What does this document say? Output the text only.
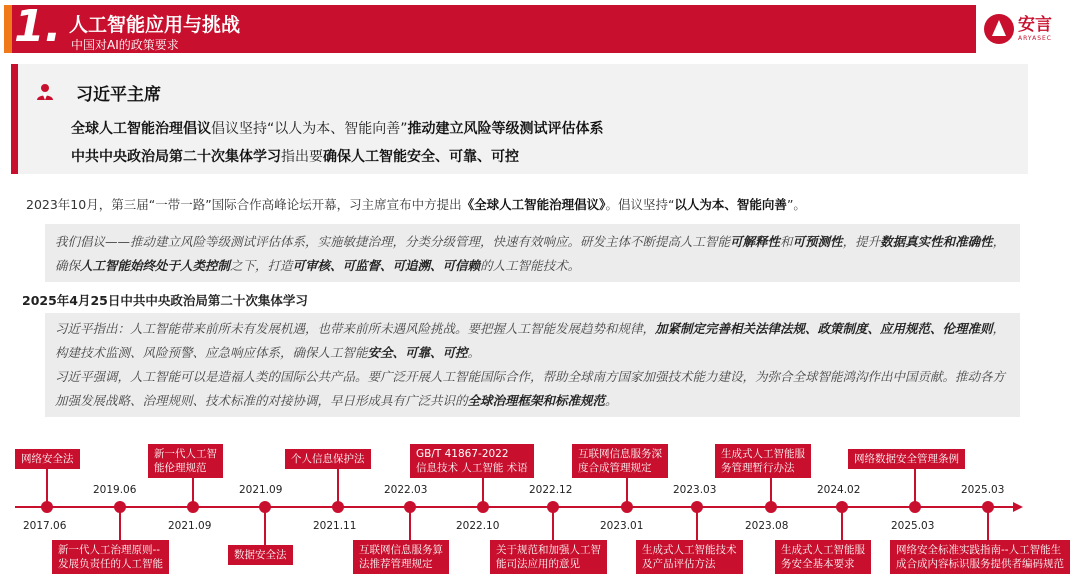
1. 人工智能应用与挑战
中国对AI的政策要求
安言
ARYASEC
习近平主席
全球人工智能治理倡议倡议坚持“以人为本、智能向善”推动建立风险等级测试评估体系
中共中央政治局第二十次集体学习指出要确保人工智能安全、可靠、可控
2023年10月，第三届“一带一路”国际合作高峰论坛开幕，习主席宣布中方提出《全球人工智能治理倡议》。倡议坚持“以人为本、智能向善”。
我们倡议——推动建立风险等级测试评估体系，实施敏捷治理，分类分级管理，快速有效响应。研发主体不断提高人工智能可解释性和可预测性，提升数据真实性和准确性，确保人工智能始终处于人类控制之下，打造可审核、可监督、可追溯、可信赖的人工智能技术。
2025年4月25日中共中央政治局第二十次集体学习
习近平指出：人工智能带来前所未有发展机遇，也带来前所未遇风险挑战。要把握人工智能发展趋势和规律，加紧制定完善相关法律法规、政策制度、应用规范、伦理准则，构建技术监测、风险预警、应急响应体系，确保人工智能安全、可靠、可控。
习近平强调，人工智能可以是造福人类的国际公共产品。要广泛开展人工智能国际合作，帮助全球南方国家加强技术能力建设，为弥合全球智能鸿沟作出中国贡献。推动各方加强发展战略、治理规则、技术标准的对接协调，早日形成具有广泛共识的全球治理框架和标准规范。
网络安全法
2019.06
新一代人工智
能伦理规范
2021.09
个人信息保护法
2022.03
GB/T 41867-2022
信息技术 人工智能 术语
2022.12
互联网信息服务深
度合成管理规定
2023.03
生成式人工智能服
务管理暂行办法
2024.02
网络数据安全管理条例
2025.03
新一代人工治理原则--
发展负责任的人工智能
2017.06
数据安全法
2021.09
互联网信息服务算
法推荐管理规定
2021.11
关于规范和加强人工智
能司法应用的意见
2022.10
生成式人工智能技术
及产品评估方法
2023.01
生成式人工智能服
务安全基本要求
2023.08
网络安全标准实践指南--人工智能生
成合成内容标识服务提供者编码规范
2025.03
